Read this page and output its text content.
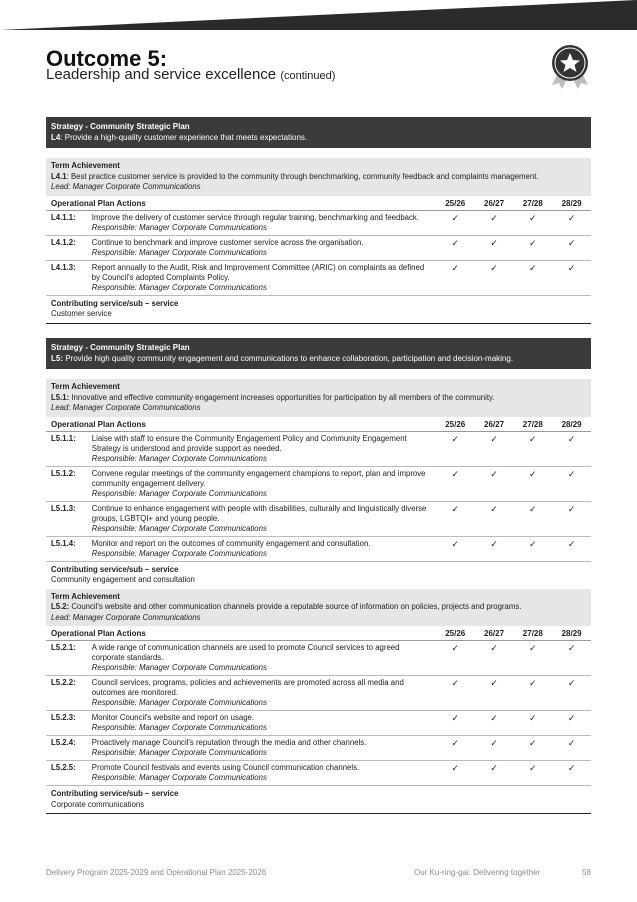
Outcome 5:
Leadership and service excellence (continued)
Strategy - Community Strategic Plan
L4: Provide a high-quality customer experience that meets expectations.
Term Achievement
L4.1: Best practice customer service is provided to the community through benchmarking, community feedback and complaints management.
Lead: Manager Corporate Communications
Operational Plan Actions	25/26	26/27	27/28	28/29
L4.1.1:	Improve the delivery of customer service through regular training, benchmarking and feedback.
Responsible: Manager Corporate Communications
✓	✓	✓	✓
L4.1.2:	Continue to benchmark and improve customer service across the organisation.
Responsible: Manager Corporate Communications
✓	✓	✓	✓
L4.1.3:	Report annually to the Audit, Risk and Improvement Committee (ARIC) on complaints as defined by Council's adopted Complaints Policy.
Responsible: Manager Corporate Communications
✓	✓	✓	✓
Contributing service/sub – service
Customer service
Strategy - Community Strategic Plan
L5: Provide high quality community engagement and communications to enhance collaboration, participation and decision-making.
Term Achievement
L5.1: Innovative and effective community engagement increases opportunities for participation by all members of the community.
Lead: Manager Corporate Communications
Operational Plan Actions	25/26	26/27	27/28	28/29
L5.1.1:	Liaise with staff to ensure the Community Engagement Policy and Community Engagement Strategy is understood and provide support as needed.
Responsible: Manager Corporate Communications
✓	✓	✓	✓
L5.1.2:	Convene regular meetings of the community engagement champions to report, plan and improve community engagement delivery.
Responsible: Manager Corporate Communications
✓	✓	✓	✓
L5.1.3:	Continue to enhance engagement with people with disabilities, culturally and linguistically diverse groups, LGBTQI+ and young people.
Responsible: Manager Corporate Communications
✓	✓	✓	✓
L5.1.4:	Monitor and report on the outcomes of community engagement and consultation.
Responsible: Manager Corporate Communications
✓	✓	✓	✓
Contributing service/sub – service
Community engagement and consultation
Term Achievement
L5.2: Council's website and other communication channels provide a reputable source of information on policies, projects and programs.
Lead: Manager Corporate Communications
Operational Plan Actions	25/26	26/27	27/28	28/29
L5.2.1:	A wide range of communication channels are used to promote Council services to agreed corporate standards.
Responsible: Manager Corporate Communications
✓	✓	✓	✓
L5.2.2:	Council services, programs, policies and achievements are promoted across all media and outcomes are monitored.
Responsible: Manager Corporate Communications
✓	✓	✓	✓
L5.2.3:	Monitor Council's website and report on usage.
Responsible: Manager Corporate Communications
✓	✓	✓	✓
L5.2.4:	Proactively manage Council's reputation through the media and other channels.
Responsible: Manager Corporate Communications
✓	✓	✓	✓
L5.2.5:	Promote Council festivals and events using Council communication channels.
Responsible: Manager Corporate Communications
✓	✓	✓	✓
Contributing service/sub – service
Corporate communications
Delivery Program 2025-2029 and Operational Plan 2025-2026	Our Ku-ring-gai: Delivering together	58
